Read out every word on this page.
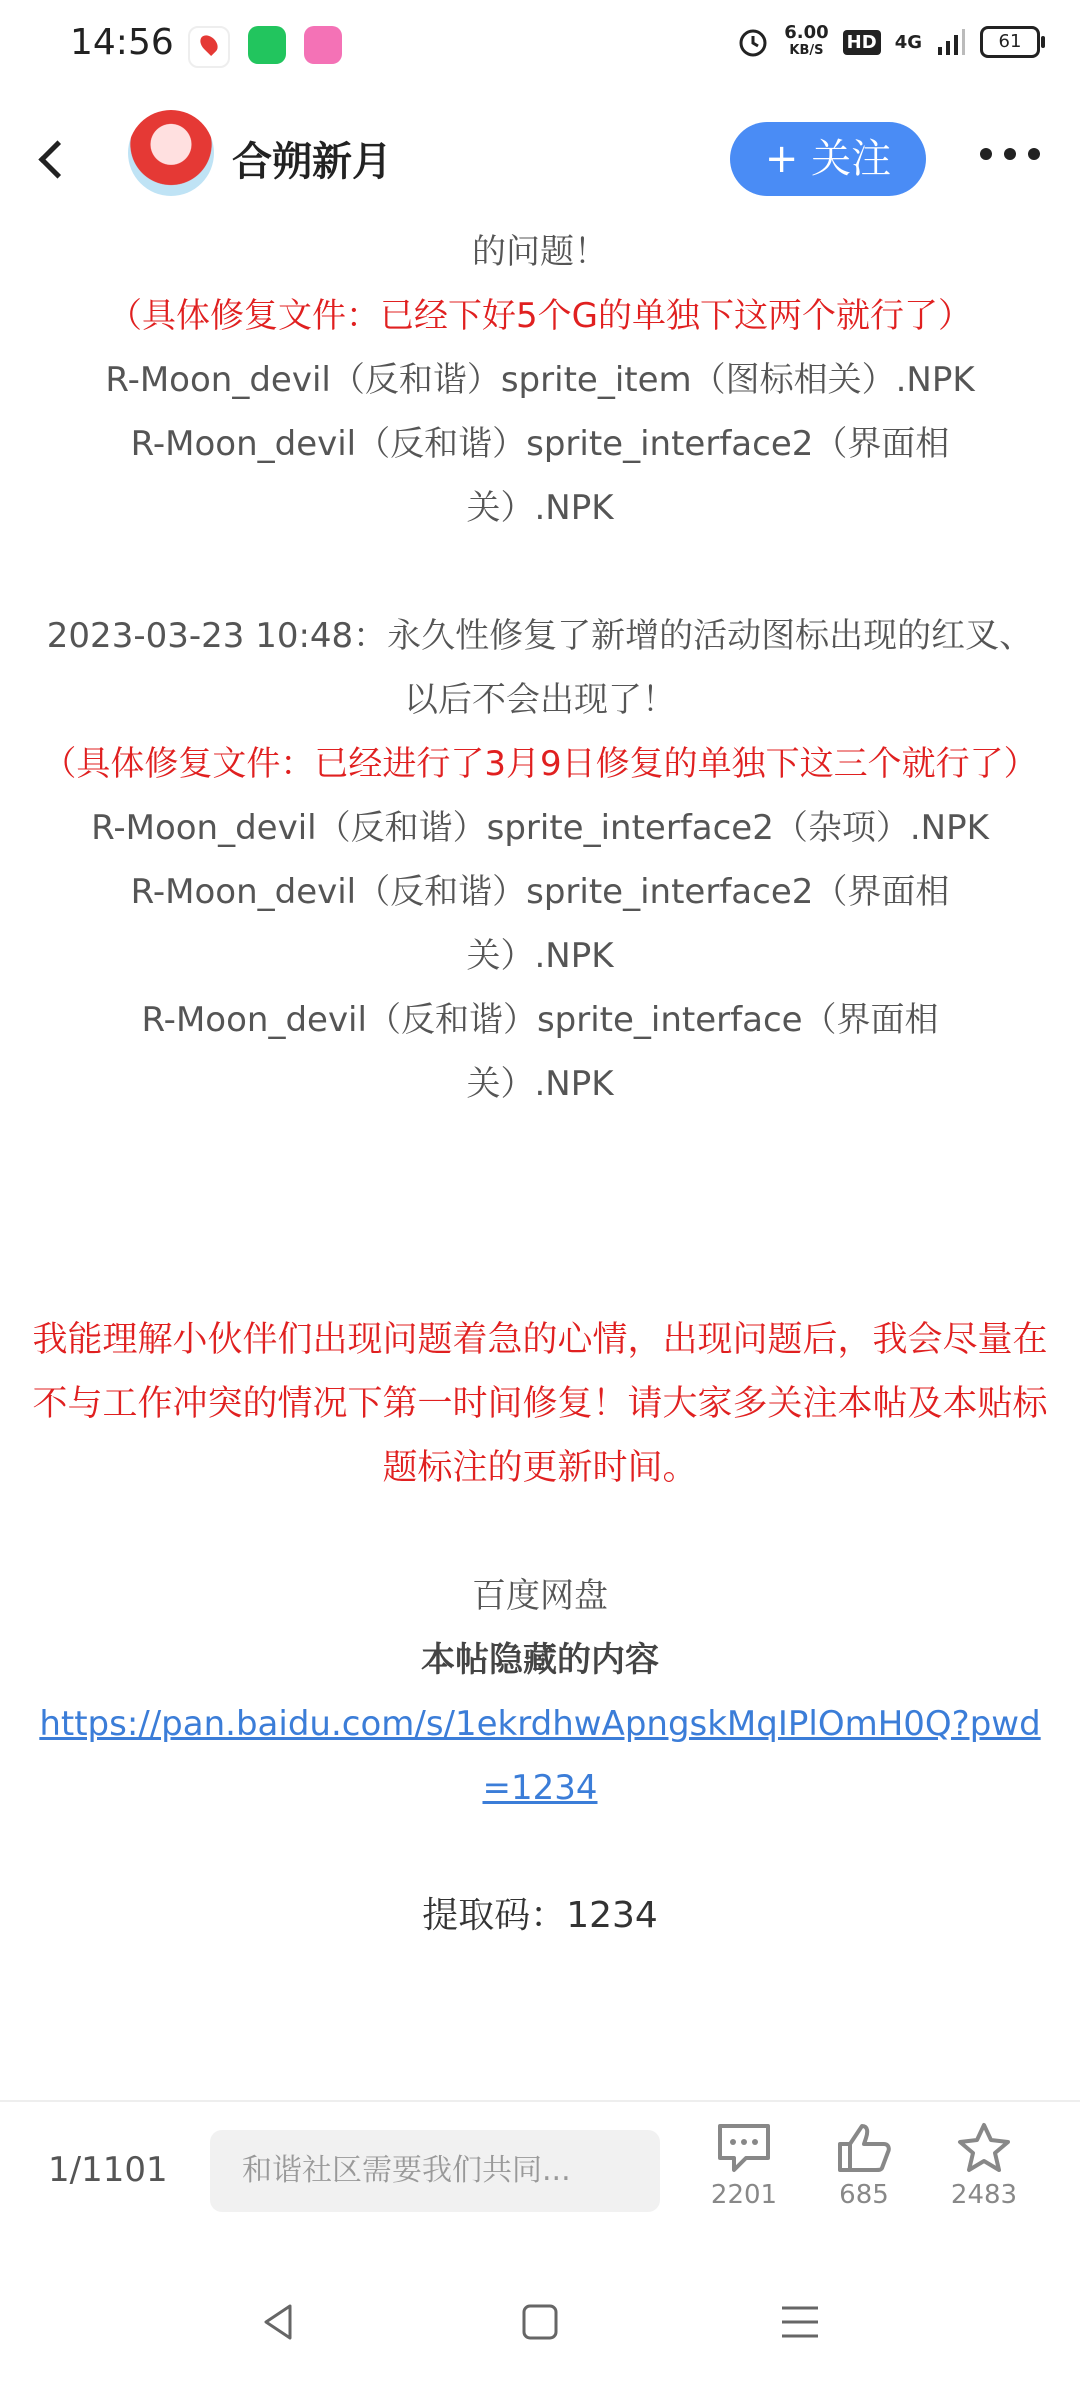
14:56	6.00
KB/S HD 4G	61
合朔新月	+ 关注

的问题！

（具体修复文件：已经下好5个G的单独下这两个就行了）

R-Moon_devil（反和谐）sprite_item（图标相关）.NPK

R-Moon_devil（反和谐）sprite_interface2（界面相关）.NPK

2023-03-23 10:48：永久性修复了新增的活动图标出现的红叉、以后不会出现了！

（具体修复文件：已经进行了3月9日修复的单独下这三个就行了）

R-Moon_devil（反和谐）sprite_interface2（杂项）.NPK

R-Moon_devil（反和谐）sprite_interface2（界面相关）.NPK

R-Moon_devil（反和谐）sprite_interface（界面相关）.NPK

我能理解小伙伴们出现问题着急的心情，出现问题后，我会尽量在不与工作冲突的情况下第一时间修复！请大家多关注本帖及本贴标题标注的更新时间。

百度网盘

本帖隐藏的内容

https://pan.baidu.com/s/1ekrdhwApngskMqIPlOmH0Q?pwd=1234

提取码：1234

1/1101	和谐社区需要我们共同...
2201	685	2483
